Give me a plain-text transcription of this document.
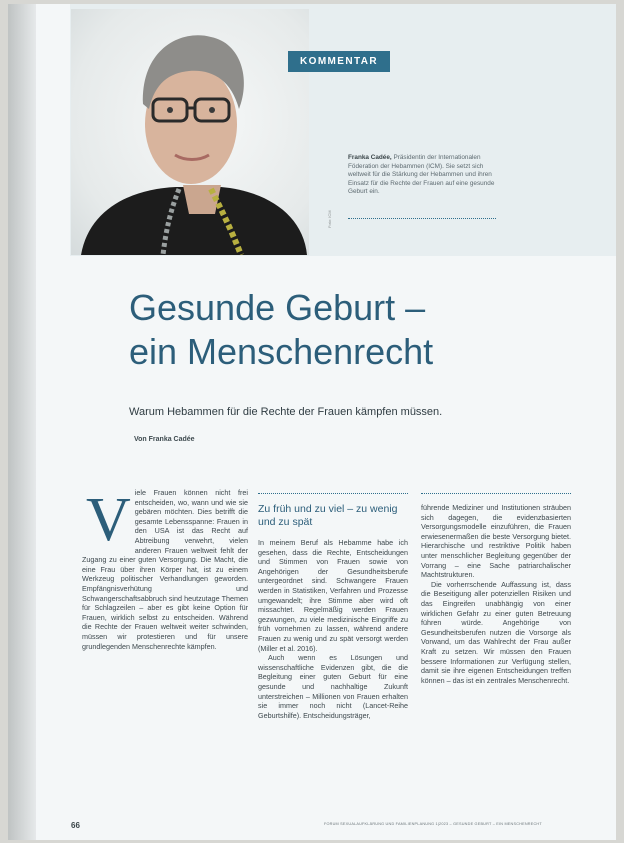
Foto: ICM
KOMMENTAR
Franka Cadée, Präsidentin der Internationalen Föderation der Hebammen (ICM). Sie setzt sich weltweit für die Stärkung der Hebammen und ihren Einsatz für die Rechte der Frauen auf eine gesunde Geburt ein.
Gesunde Geburt –
ein Menschenrecht
Warum Hebammen für die Rechte der Frauen kämpfen müssen.
Von Franka Cadée
V iele Frauen können nicht frei entscheiden, wo, wann und wie sie gebären möchten. Dies betrifft die gesamte Lebensspanne: Frauen in den USA ist das Recht auf Abtreibung verwehrt, vielen anderen Frauen weltweit fehlt der Zugang zu einer guten Versorgung. Die Macht, die eine Frau über ihren Körper hat, ist zu einem Werkzeug politischer Verhandlungen geworden. Empfängnisverhütung und Schwangerschaftsabbruch sind heutzutage Themen für Schlagzeilen – aber es gibt keine Option für Frauen, wirklich selbst zu entscheiden. Während die Rechte der Frauen weltweit weiter schwinden, müssen wir protestieren und für unsere grundlegenden Menschenrechte kämpfen.

Zu früh und zu viel – zu wenig und zu spät

In meinem Beruf als Hebamme habe ich gesehen, dass die Rechte, Entscheidungen und Stimmen von Frauen sowie von Angehörigen der Gesundheitsberufe untergeordnet sind. Schwangere Frauen werden in Statistiken, Verfahren und Prozesse umgewandelt; ihre Stimme aber wird oft missachtet. Regelmäßig werden Frauen gezwungen, zu viele medizinische Eingriffe zu früh vornehmen zu lassen, während andere Frauen zu wenig und zu spät versorgt werden (Miller et al. 2016).

Auch wenn es Lösungen und wissenschaftliche Evidenzen gibt, die die Begleitung einer guten Geburt für eine gesunde und nachhaltige Zukunft unterstreichen – Millionen von Frauen erhalten sie immer noch nicht (Lancet-Reihe Geburtshilfe). Entscheidungsträger,

führende Mediziner und Institutionen sträuben sich dagegen, die evidenzbasierten Versorgungsmodelle einzuführen, die Frauen erwiesenermaßen die beste Versorgung bietet. Hierarchische und restriktive Politik haben unter menschlicher Begleitung gegenüber der Vorrang – eine Sache patriarchalischer Machtstrukturen.

Die vorherrschende Auffassung ist, dass die Beseitigung aller potenziellen Risiken und das Eingreifen unabhängig von einer wirklichen Gefahr zu einer guten Betreuung führen würde. Angehörige von Gesundheitsberufen nutzen die Vorsorge als Vorwand, um das Wahlrecht der Frau außer Kraft zu setzen. Wir müssen den Frauen bessere Informationen zur Verfügung stellen, damit sie ihre eigenen Entscheidungen treffen können – das ist ein zentrales Menschenrecht.

66	FORUM SEXUALAUFKLÄRUNG UND FAMILIENPLANUNG 1|2023 – GESUNDE GEBURT – EIN MENSCHENRECHT
